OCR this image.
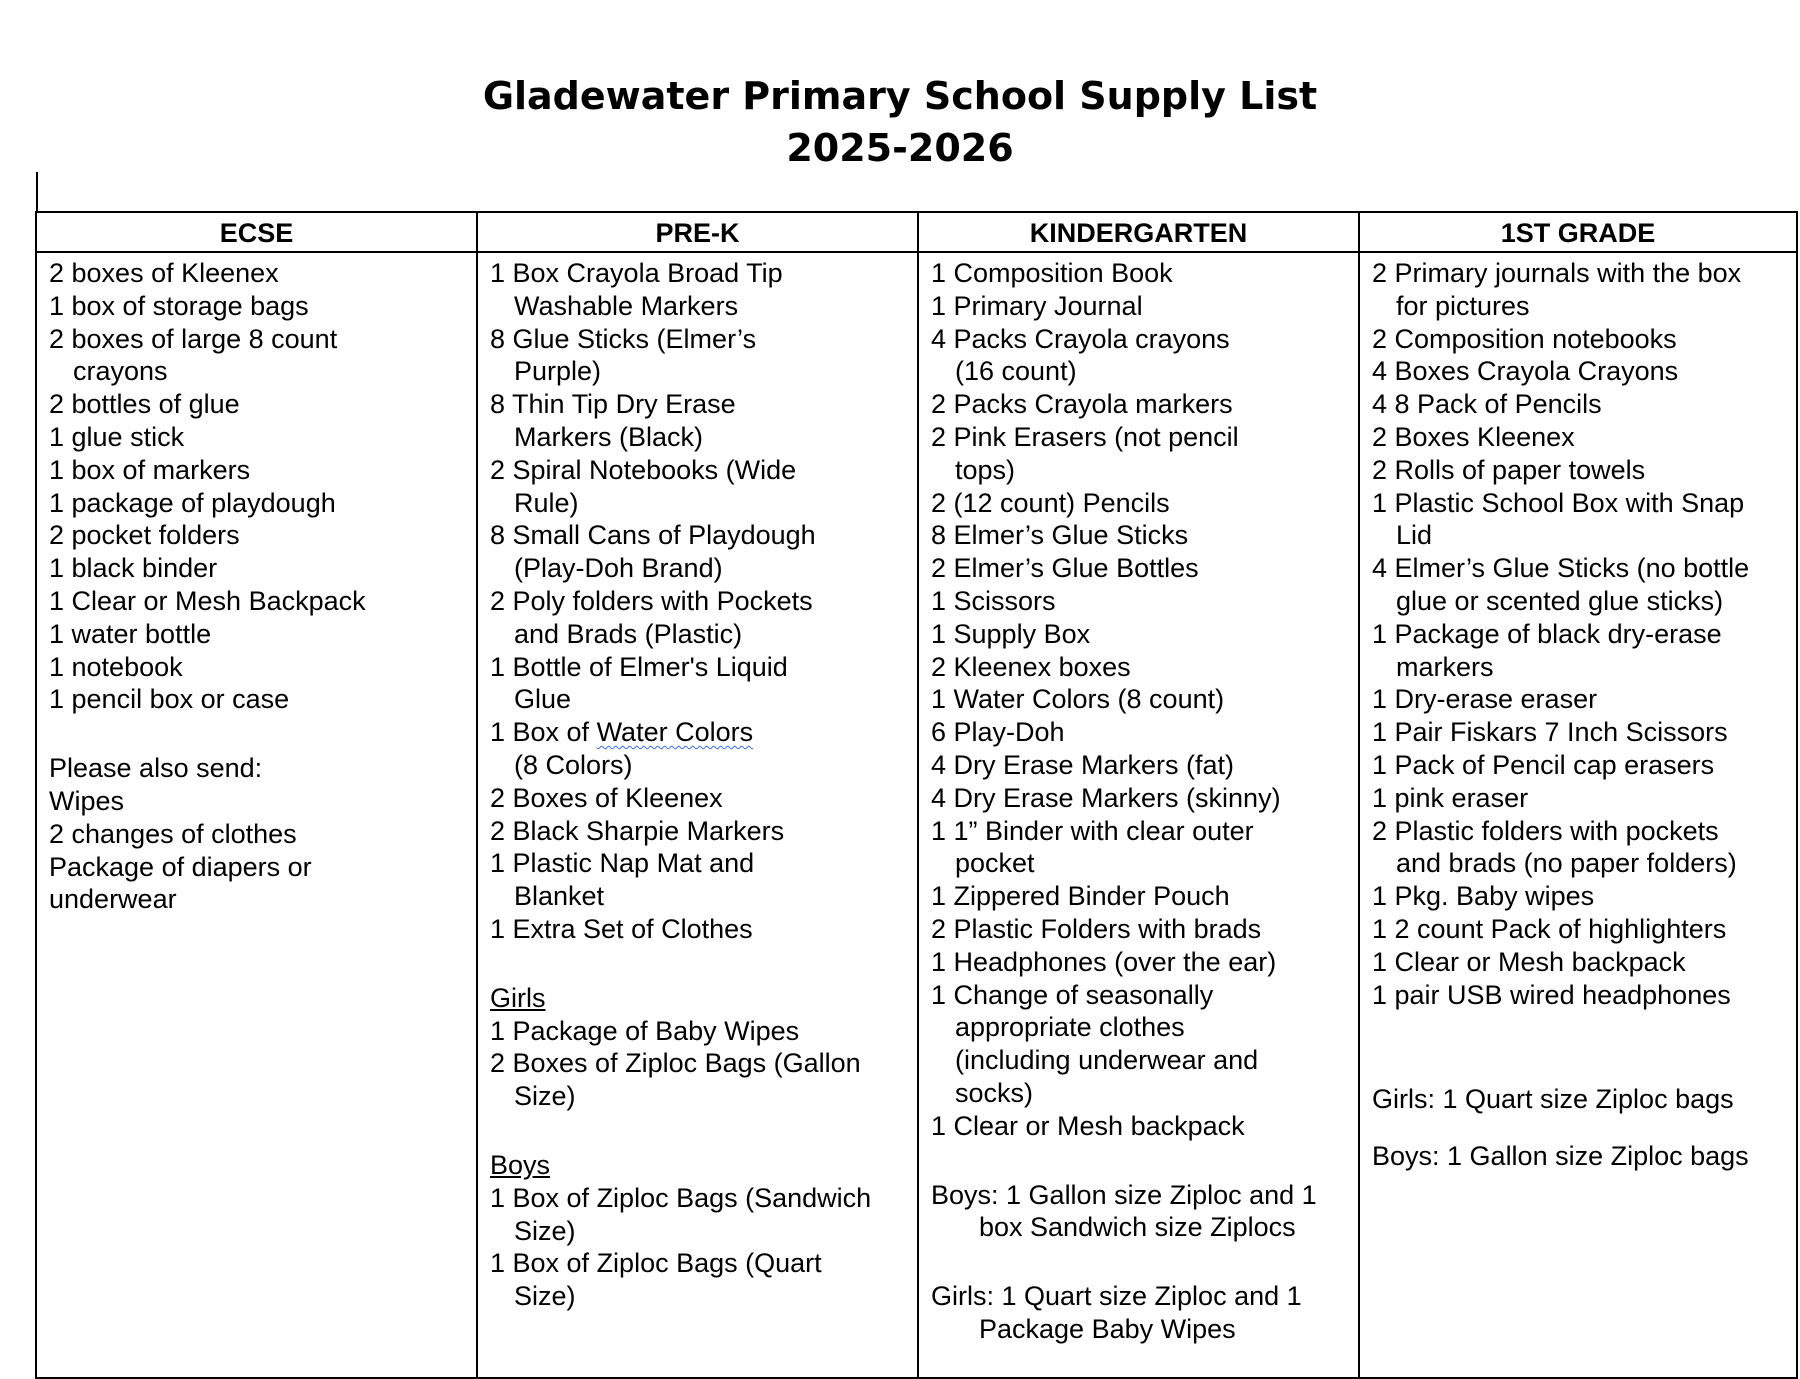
Gladewater Primary School Supply List
2025-2026
ECSE
2 boxes of Kleenex
1 box of storage bags
2 boxes of large 8 count
crayons
2 bottles of glue
1 glue stick
1 box of markers
1 package of playdough
2 pocket folders
1 black binder
1 Clear or Mesh Backpack
1 water bottle
1 notebook
1 pencil box or case
Please also send:
Wipes
2 changes of clothes
Package of diapers or
underwear
PRE-K
1 Box Crayola Broad Tip
Washable Markers
8 Glue Sticks (Elmer’s
Purple)
8 Thin Tip Dry Erase
Markers (Black)
2 Spiral Notebooks (Wide
Rule)
8 Small Cans of Playdough
(Play-Doh Brand)
2 Poly folders with Pockets
and Brads (Plastic)
1 Bottle of Elmer's Liquid
Glue
1 Box of Water Colors
(8 Colors)
2 Boxes of Kleenex
2 Black Sharpie Markers
1 Plastic Nap Mat and
Blanket
1 Extra Set of Clothes
Girls
1 Package of Baby Wipes
2 Boxes of Ziploc Bags (Gallon
Size)
Boys
1 Box of Ziploc Bags (Sandwich
Size)
1 Box of Ziploc Bags (Quart
Size)
KINDERGARTEN
1 Composition Book
1 Primary Journal
4 Packs Crayola crayons
(16 count)
2 Packs Crayola markers
2 Pink Erasers (not pencil
tops)
2 (12 count) Pencils
8 Elmer’s Glue Sticks
2 Elmer’s Glue Bottles
1 Scissors
1 Supply Box
2 Kleenex boxes
1 Water Colors (8 count)
6 Play-Doh
4 Dry Erase Markers (fat)
4 Dry Erase Markers (skinny)
1 1” Binder with clear outer
pocket
1 Zippered Binder Pouch
2 Plastic Folders with brads
1 Headphones (over the ear)
1 Change of seasonally
appropriate clothes
(including underwear and
socks)
1 Clear or Mesh backpack
Boys: 1 Gallon size Ziploc and 1
box Sandwich size Ziplocs
Girls: 1 Quart size Ziploc and 1
Package Baby Wipes
1ST GRADE
2 Primary journals with the box
for pictures
2 Composition notebooks
4 Boxes Crayola Crayons
4 8 Pack of Pencils
2 Boxes Kleenex
2 Rolls of paper towels
1 Plastic School Box with Snap
Lid
4 Elmer’s Glue Sticks (no bottle
glue or scented glue sticks)
1 Package of black dry-erase
markers
1 Dry-erase eraser
1 Pair Fiskars 7 Inch Scissors
1 Pack of Pencil cap erasers
1 pink eraser
2 Plastic folders with pockets
and brads (no paper folders)
1 Pkg. Baby wipes
1 2 count Pack of highlighters
1 Clear or Mesh backpack
1 pair USB wired headphones
Girls: 1 Quart size Ziploc bags
Boys: 1 Gallon size Ziploc bags
